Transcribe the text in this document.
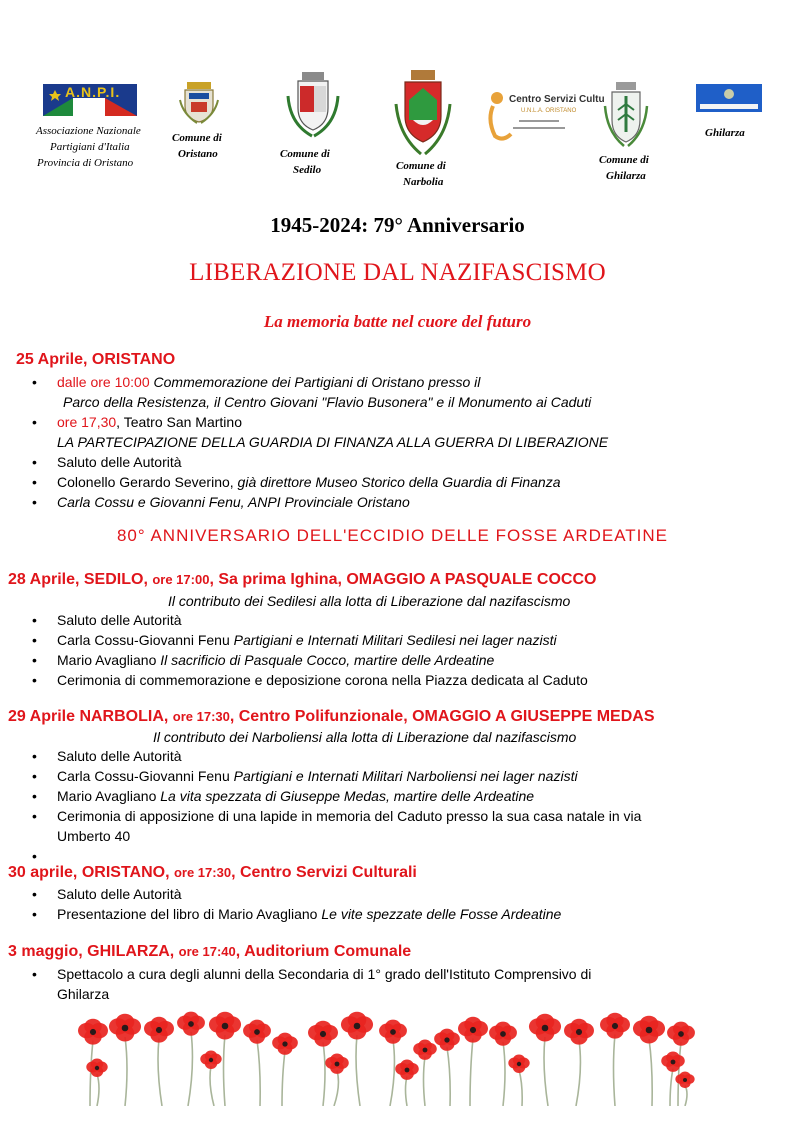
A.N.P.I.
Associazione Nazionale
Partigiani d'Italia
Provincia di Oristano
Comune di
Oristano	Comune di
Sedilo	Comune di
Narbolia
Centro Servizi Cultu
U.N.L.A. ORISTANO
Comune di
Ghilarza
Ghilarza
1945-2024: 79° Anniversario
LIBERAZIONE DAL NAZIFASCISMO
La memoria batte nel cuore del futuro
25 Aprile, ORISTANO
• dalle ore 10:00 Commemorazione dei Partigiani di Oristano presso il
Parco della Resistenza, il Centro Giovani "Flavio Busonera" e il Monumento ai Caduti
• ore 17,30, Teatro San Martino
LA PARTECIPAZIONE DELLA GUARDIA DI FINANZA ALLA GUERRA DI LIBERAZIONE
• Saluto delle Autorità
• Colonello Gerardo Severino, già direttore Museo Storico della Guardia di Finanza
• Carla Cossu e Giovanni Fenu, ANPI Provinciale Oristano
80° ANNIVERSARIO DELL'ECCIDIO DELLE FOSSE ARDEATINE
28 Aprile, SEDILO, ore 17:00, Sa prima Ighina, OMAGGIO A PASQUALE COCCO
Il contributo dei Sedilesi alla lotta di Liberazione dal nazifascismo
• Saluto delle Autorità
• Carla Cossu-Giovanni Fenu Partigiani e Internati Militari Sedilesi nei lager nazisti
• Mario Avagliano Il sacrificio di Pasquale Cocco, martire delle Ardeatine
• Cerimonia di commemorazione e deposizione corona nella Piazza dedicata al Caduto
29 Aprile NARBOLIA, ore 17:30, Centro Polifunzionale, OMAGGIO A GIUSEPPE MEDAS
Il contributo dei Narboliensi alla lotta di Liberazione dal nazifascismo
• Saluto delle Autorità
• Carla Cossu-Giovanni Fenu Partigiani e Internati Militari Narboliensi nei lager nazisti
• Mario Avagliano La vita spezzata di Giuseppe Medas, martire delle Ardeatine
• Cerimonia di apposizione di una lapide in memoria del Caduto presso la sua casa natale in via
Umberto 40
30 aprile, ORISTANO, ore 17:30, Centro Servizi Culturali
• Saluto delle Autorità
• Presentazione del libro di Mario Avagliano Le vite spezzate delle Fosse Ardeatine
3 maggio, GHILARZA, ore 17:40, Auditorium Comunale
• Spettacolo a cura degli alunni della Secondaria di 1° grado dell'Istituto Comprensivo di
Ghilarza
